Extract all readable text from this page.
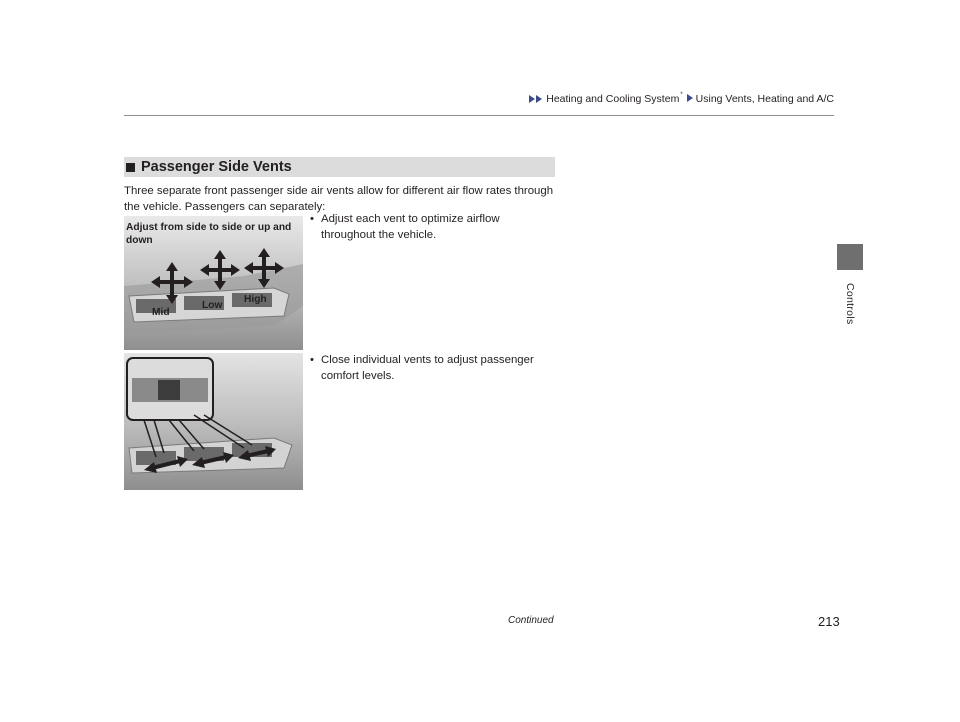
Heating and Cooling System * Using Vents, Heating and A/C
Controls
Passenger Side Vents
Three separate front passenger side air vents allow for different air flow rates through the vehicle. Passengers can separately:
Adjust from side to side or up and down
Mid
Low
High
• Adjust each vent to optimize airflow throughout the vehicle.
• Close individual vents to adjust passenger comfort levels.
Continued	213
